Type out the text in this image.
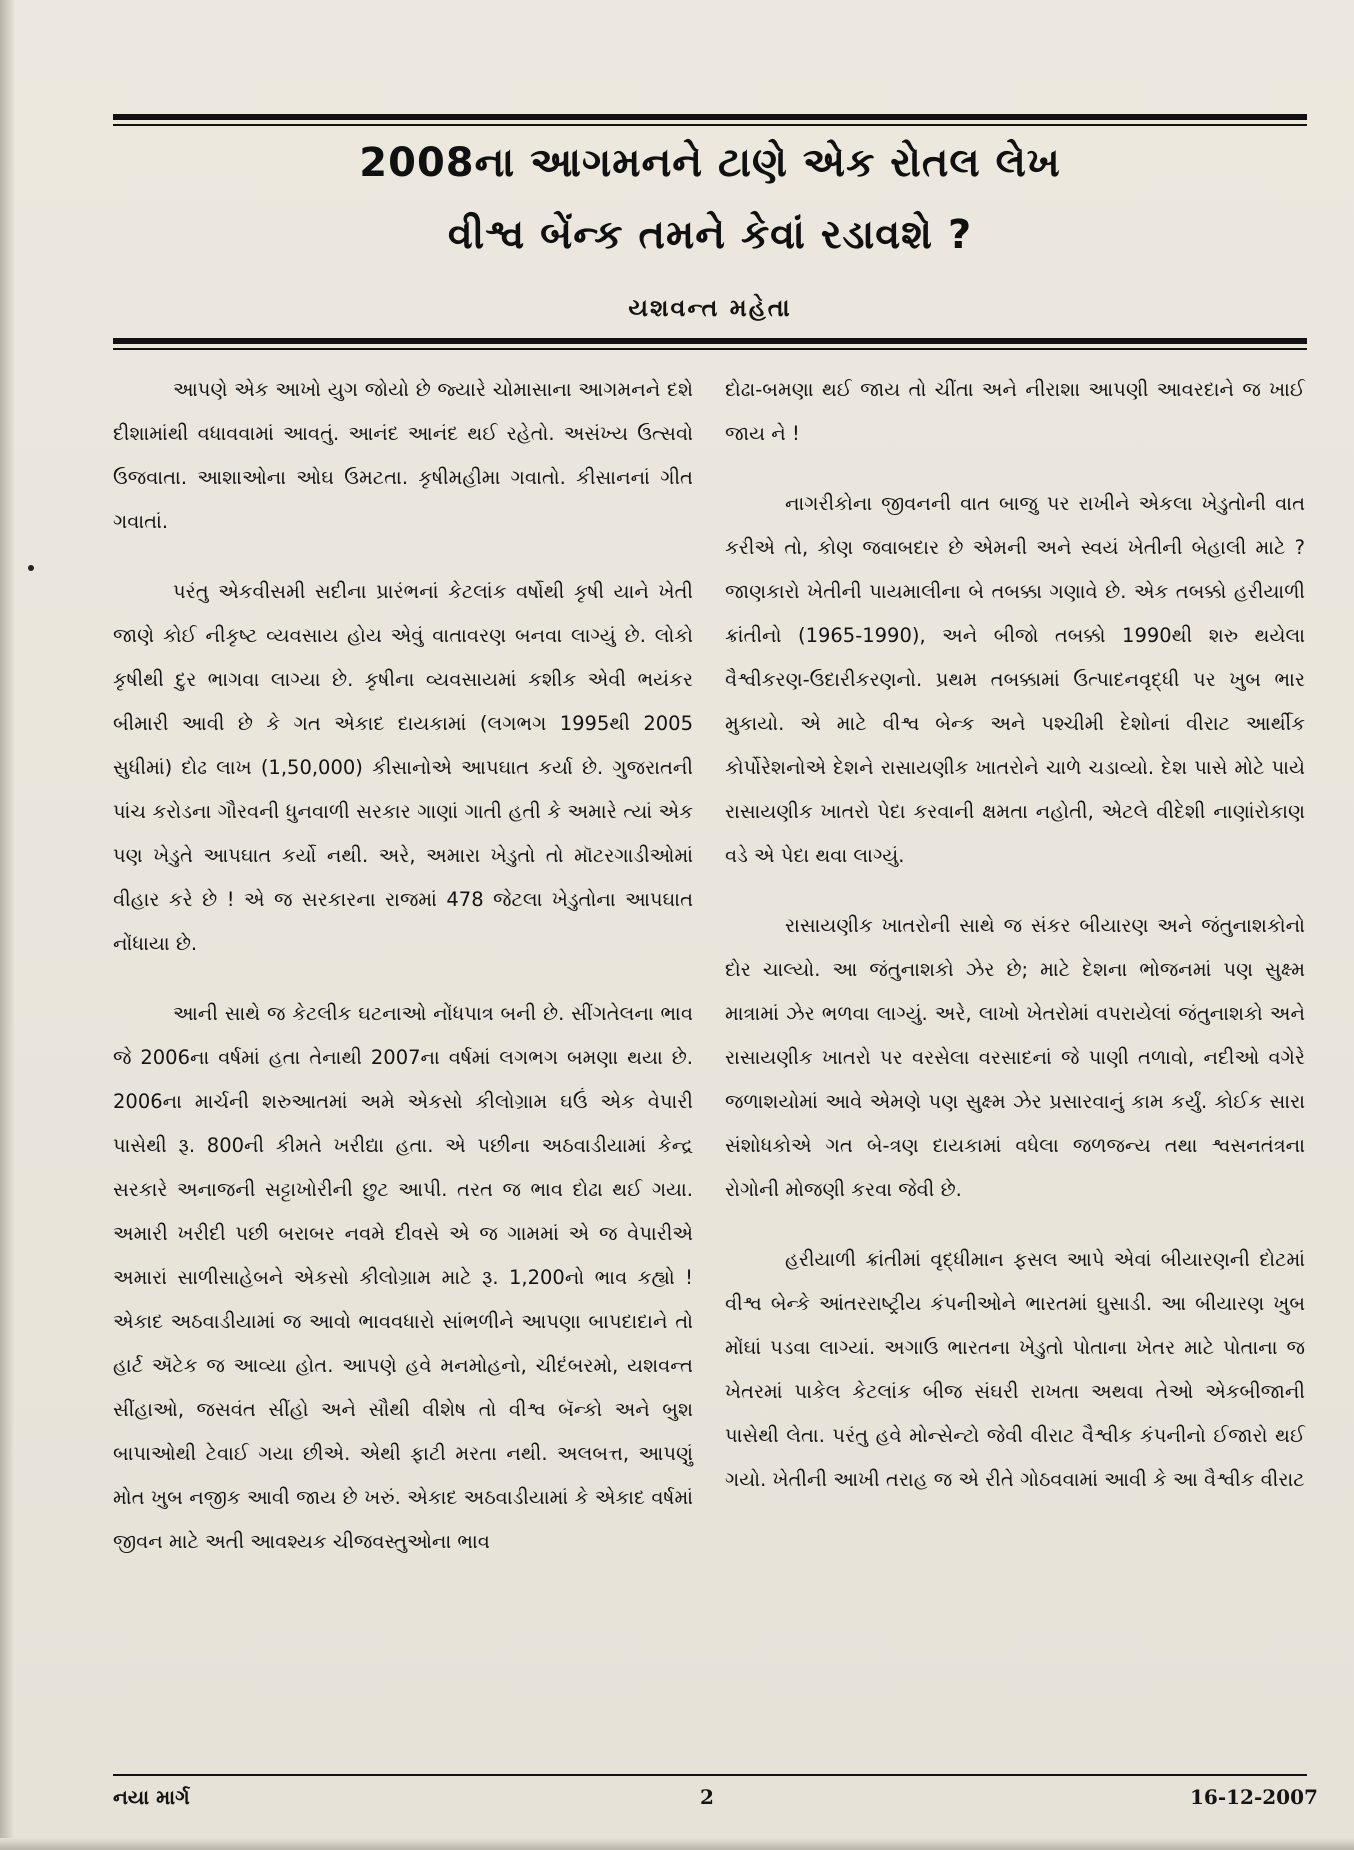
2008ના આગમનને ટાણે એક રોતલ લેખ
વીશ્વ બેંન્ક તમને કેવાં રડાવશે ?
યશવન્ત મહેતા

આપણે એક આખો યુગ જોયો છે જ્યારે ચોમાસાના આગમનને દશે દીશામાંથી વધાવવામાં આવતું. આનંદ આનંદ થઈ રહેતો. અસંખ્ય ઉત્સવો ઉજવાતા. આશાઓના ઓઘ ઉમટતા. કૃષીમહીમા ગવાતો. કીસાનનાં ગીત ગવાતાં.

પરંતુ એકવીસમી સદીના પ્રારંભનાં કેટલાંક વર્ષોથી કૃષી યાને ખેતી જાણે કોઈ નીકૃષ્ટ વ્યવસાય હોય એવું વાતાવરણ બનવા લાગ્યું છે. લોકો કૃષીથી દુર ભાગવા લાગ્યા છે. કૃષીના વ્યવસાયમાં કશીક એવી ભયંકર બીમારી આવી છે કે ગત એકાદ દાયકામાં (લગભગ 1995થી 2005 સુધીમાં) દોઢ લાખ (1,50,000) કીસાનોએ આપઘાત કર્યા છે. ગુજરાતની પાંચ કરોડના ગૌરવની ધુનવાળી સરકાર ગાણાં ગાતી હતી કે અમારે ત્યાં એક પણ ખેડુતે આપઘાત કર્યો નથી. અરે, અમારા ખેડુતો તો મૉટરગાડીઓમાં વીહાર કરે છે ! એ જ સરકારના રાજમાં 478 જેટલા ખેડુતોના આપઘાત નોંધાયા છે.

આની સાથે જ કેટલીક ઘટનાઓ નોંધપાત્ર બની છે. સીંગતેલના ભાવ જે 2006ના વર્ષમાં હતા તેનાથી 2007ના વર્ષમાં લગભગ બમણા થયા છે. 2006ના માર્ચની શરુઆતમાં અમે એકસો કીલોગ્રામ ઘઉં એક વેપારી પાસેથી રૂ. 800ની કીમતે ખરીદ્યા હતા. એ પછીના અઠવાડીયામાં કેન્દ્ર સરકારે અનાજની સટ્ટાખોરીની છુટ આપી. તરત જ ભાવ દોઢા થઈ ગયા. અમારી ખરીદી પછી બરાબર નવમે દીવસે એ જ ગામમાં એ જ વેપારીએ અમારાં સાળીસાહેબને એકસો કીલોગ્રામ માટે રૂ. 1,200નો ભાવ કહ્યો ! એકાદ અઠવાડીયામાં જ આવો ભાવવધારો સાંભળીને આપણા બાપદાદાને તો હાર્ટ ઍટેક જ આવ્યા હોત. આપણે હવે મનમોહનો, ચીદંબરમો, યશવન્ત સીંહાઓ, જસવંત સીંહો અને સૌથી વીશેષ તો વીશ્વ બૅન્કો અને બુશ બાપાઓથી ટેવાઈ ગયા છીએ. એથી ફાટી મરતા નથી. અલબત્ત, આપણું મોત ખુબ નજીક આવી જાય છે ખરું. એકાદ અઠવાડીયામાં કે એકાદ વર્ષમાં જીવન માટે અતી આવશ્યક ચીજવસ્તુઓના ભાવ

દોઢા-બમણા થઈ જાય તો ચીંતા અને નીરાશા આપણી આવરદાને જ ખાઈ જાય ને !

નાગરીકોના જીવનની વાત બાજુ પર રાખીને એકલા ખેડુતોની વાત કરીએ તો, કોણ જવાબદાર છે એમની અને સ્વયં ખેતીની બેહાલી માટે ? જાણકારો ખેતીની પાયમાલીના બે તબક્કા ગણાવે છે. એક તબક્કો હરીયાળી ક્રાંતીનો (1965-1990), અને બીજો તબક્કો 1990થી શરુ થયેલા વૈશ્વીકરણ-ઉદારીકરણનો. પ્રથમ તબક્કામાં ઉત્પાદનવૃદ્ધી પર ખુબ ભાર મુકાયો. એ માટે વીશ્વ બેન્ક અને પશ્ચીમી દેશોનાં વીરાટ આર્થીક કોર્પોરેશનોએ દેશને રાસાયણીક ખાતરોને ચાળે ચડાવ્યો. દેશ પાસે મોટે પાયે રાસાયણીક ખાતરો પેદા કરવાની ક્ષમતા નહોતી, એટલે વીદેશી નાણાંરોકાણ વડે એ પેદા થવા લાગ્યું.

રાસાયણીક ખાતરોની સાથે જ સંકર બીયારણ અને જંતુનાશકોનો દોર ચાલ્યો. આ જંતુનાશકો ઝેર છે; માટે દેશના ભોજનમાં પણ સુક્ષ્મ માત્રામાં ઝેર ભળવા લાગ્યું. અરે, લાખો ખેતરોમાં વપરાયેલાં જંતુનાશકો અને રાસાયણીક ખાતરો પર વરસેલા વરસાદનાં જે પાણી તળાવો, નદીઓ વગેરે જળાશયોમાં આવે એમણે પણ સુક્ષ્મ ઝેર પ્રસારવાનું કામ કર્યું. કોઈક સારા સંશોધકોએ ગત બે-ત્રણ દાયકામાં વધેલા જળજન્ય તથા શ્વસનતંત્રના રોગોની મોજણી કરવા જેવી છે.

હરીયાળી ક્રાંતીમાં વૃદ્ધીમાન ફસલ આપે એવાં બીયારણની દોટમાં વીશ્વ બેન્કે આંતરરાષ્ટ્રીય કંપનીઓને ભારતમાં ઘુસાડી. આ બીયારણ ખુબ મોંઘાં પડવા લાગ્યાં. અગાઉ ભારતના ખેડુતો પોતાના ખેતર માટે પોતાના જ ખેતરમાં પાકેલ કેટલાંક બીજ સંઘરી રાખતા અથવા તેઓ એકબીજાની પાસેથી લેતા. પરંતુ હવે મોન્સેન્ટો જેવી વીરાટ વૈશ્વીક કંપનીનો ઈજારો થઈ ગયો. ખેતીની આખી તરાહ જ એ રીતે ગોઠવવામાં આવી કે આ વૈશ્વીક વીરાટ

નયા માર્ગ	2	16-12-2007
